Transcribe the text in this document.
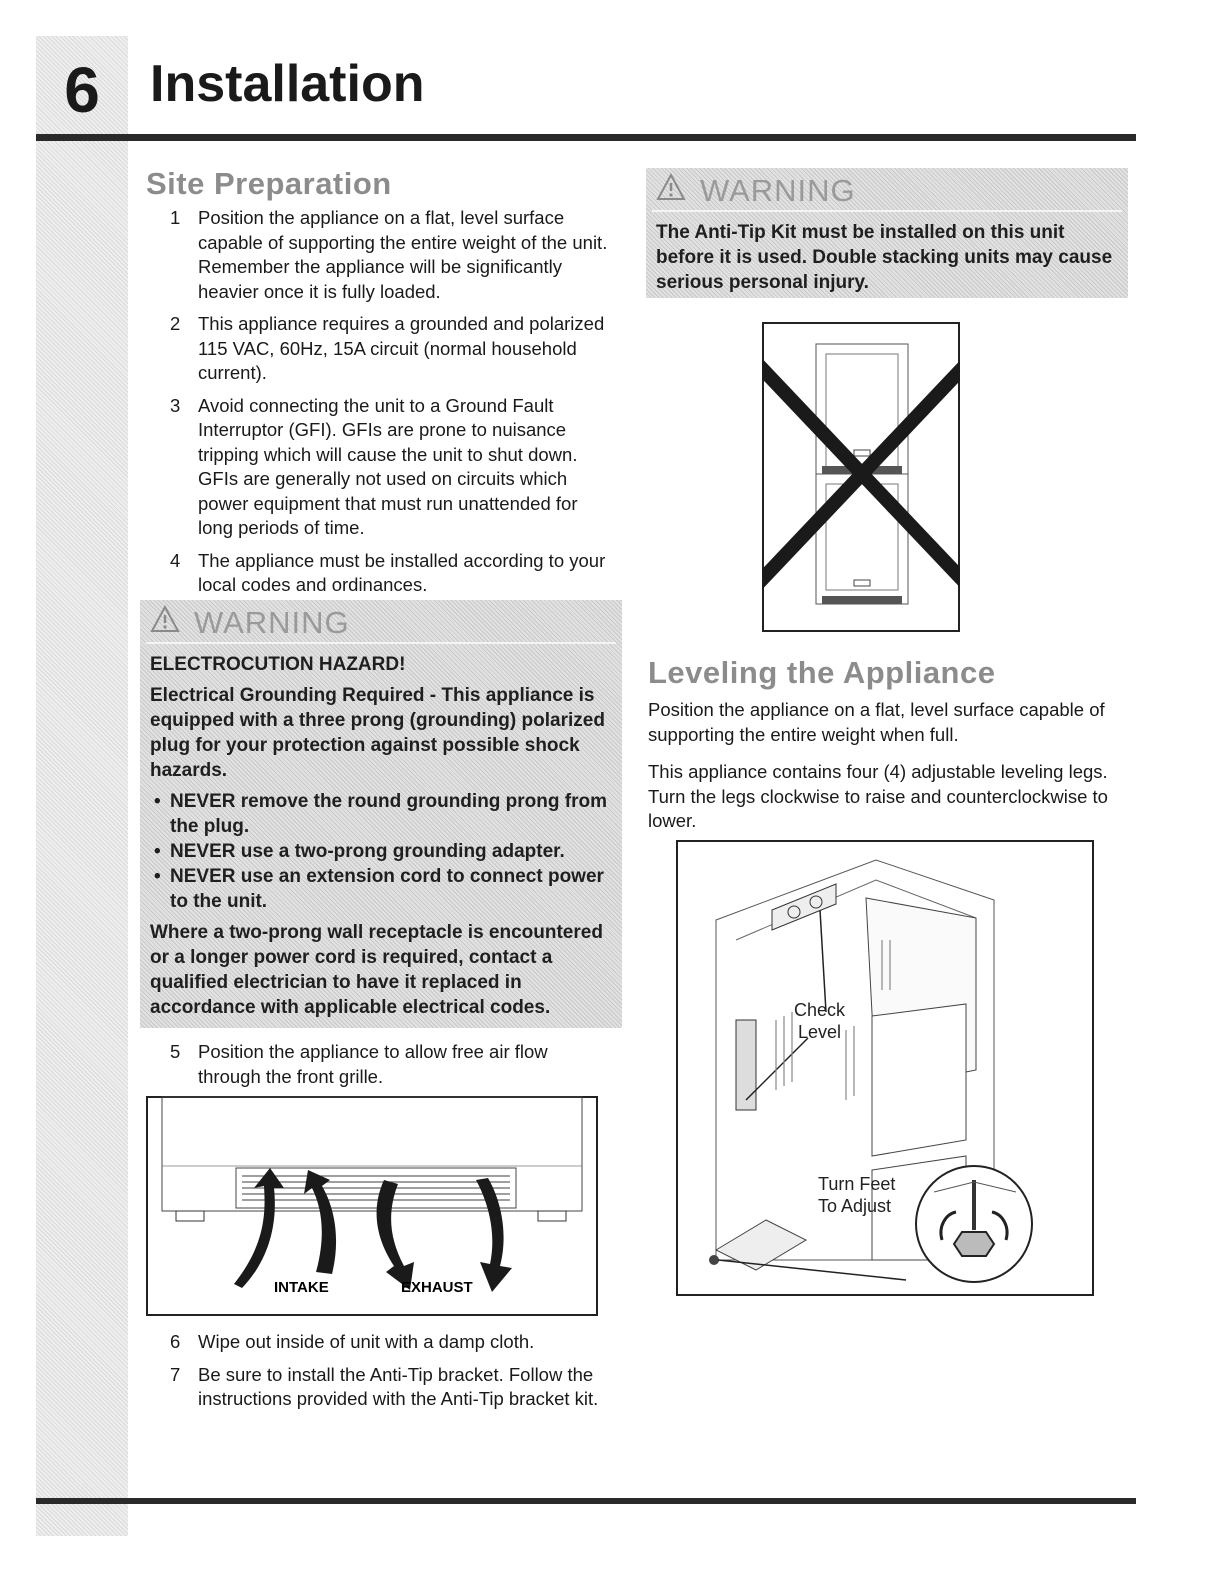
6 Installation
Site Preparation
1 Position the appliance on a flat, level surface capable of supporting the entire weight of the unit. Remember the appliance will be significantly heavier once it is fully loaded.
2 This appliance requires a grounded and polarized 115 VAC, 60Hz, 15A circuit (normal household current).
3 Avoid connecting the unit to a Ground Fault Interruptor (GFI). GFIs are prone to nuisance tripping which will cause the unit to shut down. GFIs are generally not used on circuits which power equipment that must run unattended for long periods of time.
4 The appliance must be installed according to your local codes and ordinances.
WARNING

ELECTROCUTION HAZARD!

Electrical Grounding Required - This appliance is equipped with a three prong (grounding) polarized plug for your protection against possible shock hazards.

• NEVER remove the round grounding prong from the plug.
• NEVER use a two-prong grounding adapter.
• NEVER use an extension cord to connect power to the unit.

Where a two-prong wall receptacle is encountered or a longer power cord is required, contact a qualified electrician to have it replaced in accordance with applicable electrical codes.

5 Position the appliance to allow free air flow through the front grille.
INTAKE	EXHAUST
6 Wipe out inside of unit with a damp cloth.
7 Be sure to install the Anti-Tip bracket. Follow the instructions provided with the Anti-Tip bracket kit.
WARNING

The Anti-Tip Kit must be installed on this unit before it is used. Double stacking units may cause serious personal injury.

Leveling the Appliance

Position the appliance on a flat, level surface capable of supporting the entire weight when full.

This appliance contains four (4) adjustable leveling legs. Turn the legs clockwise to raise and counterclockwise to lower.

Check
Level
Turn Feet
To Adjust
